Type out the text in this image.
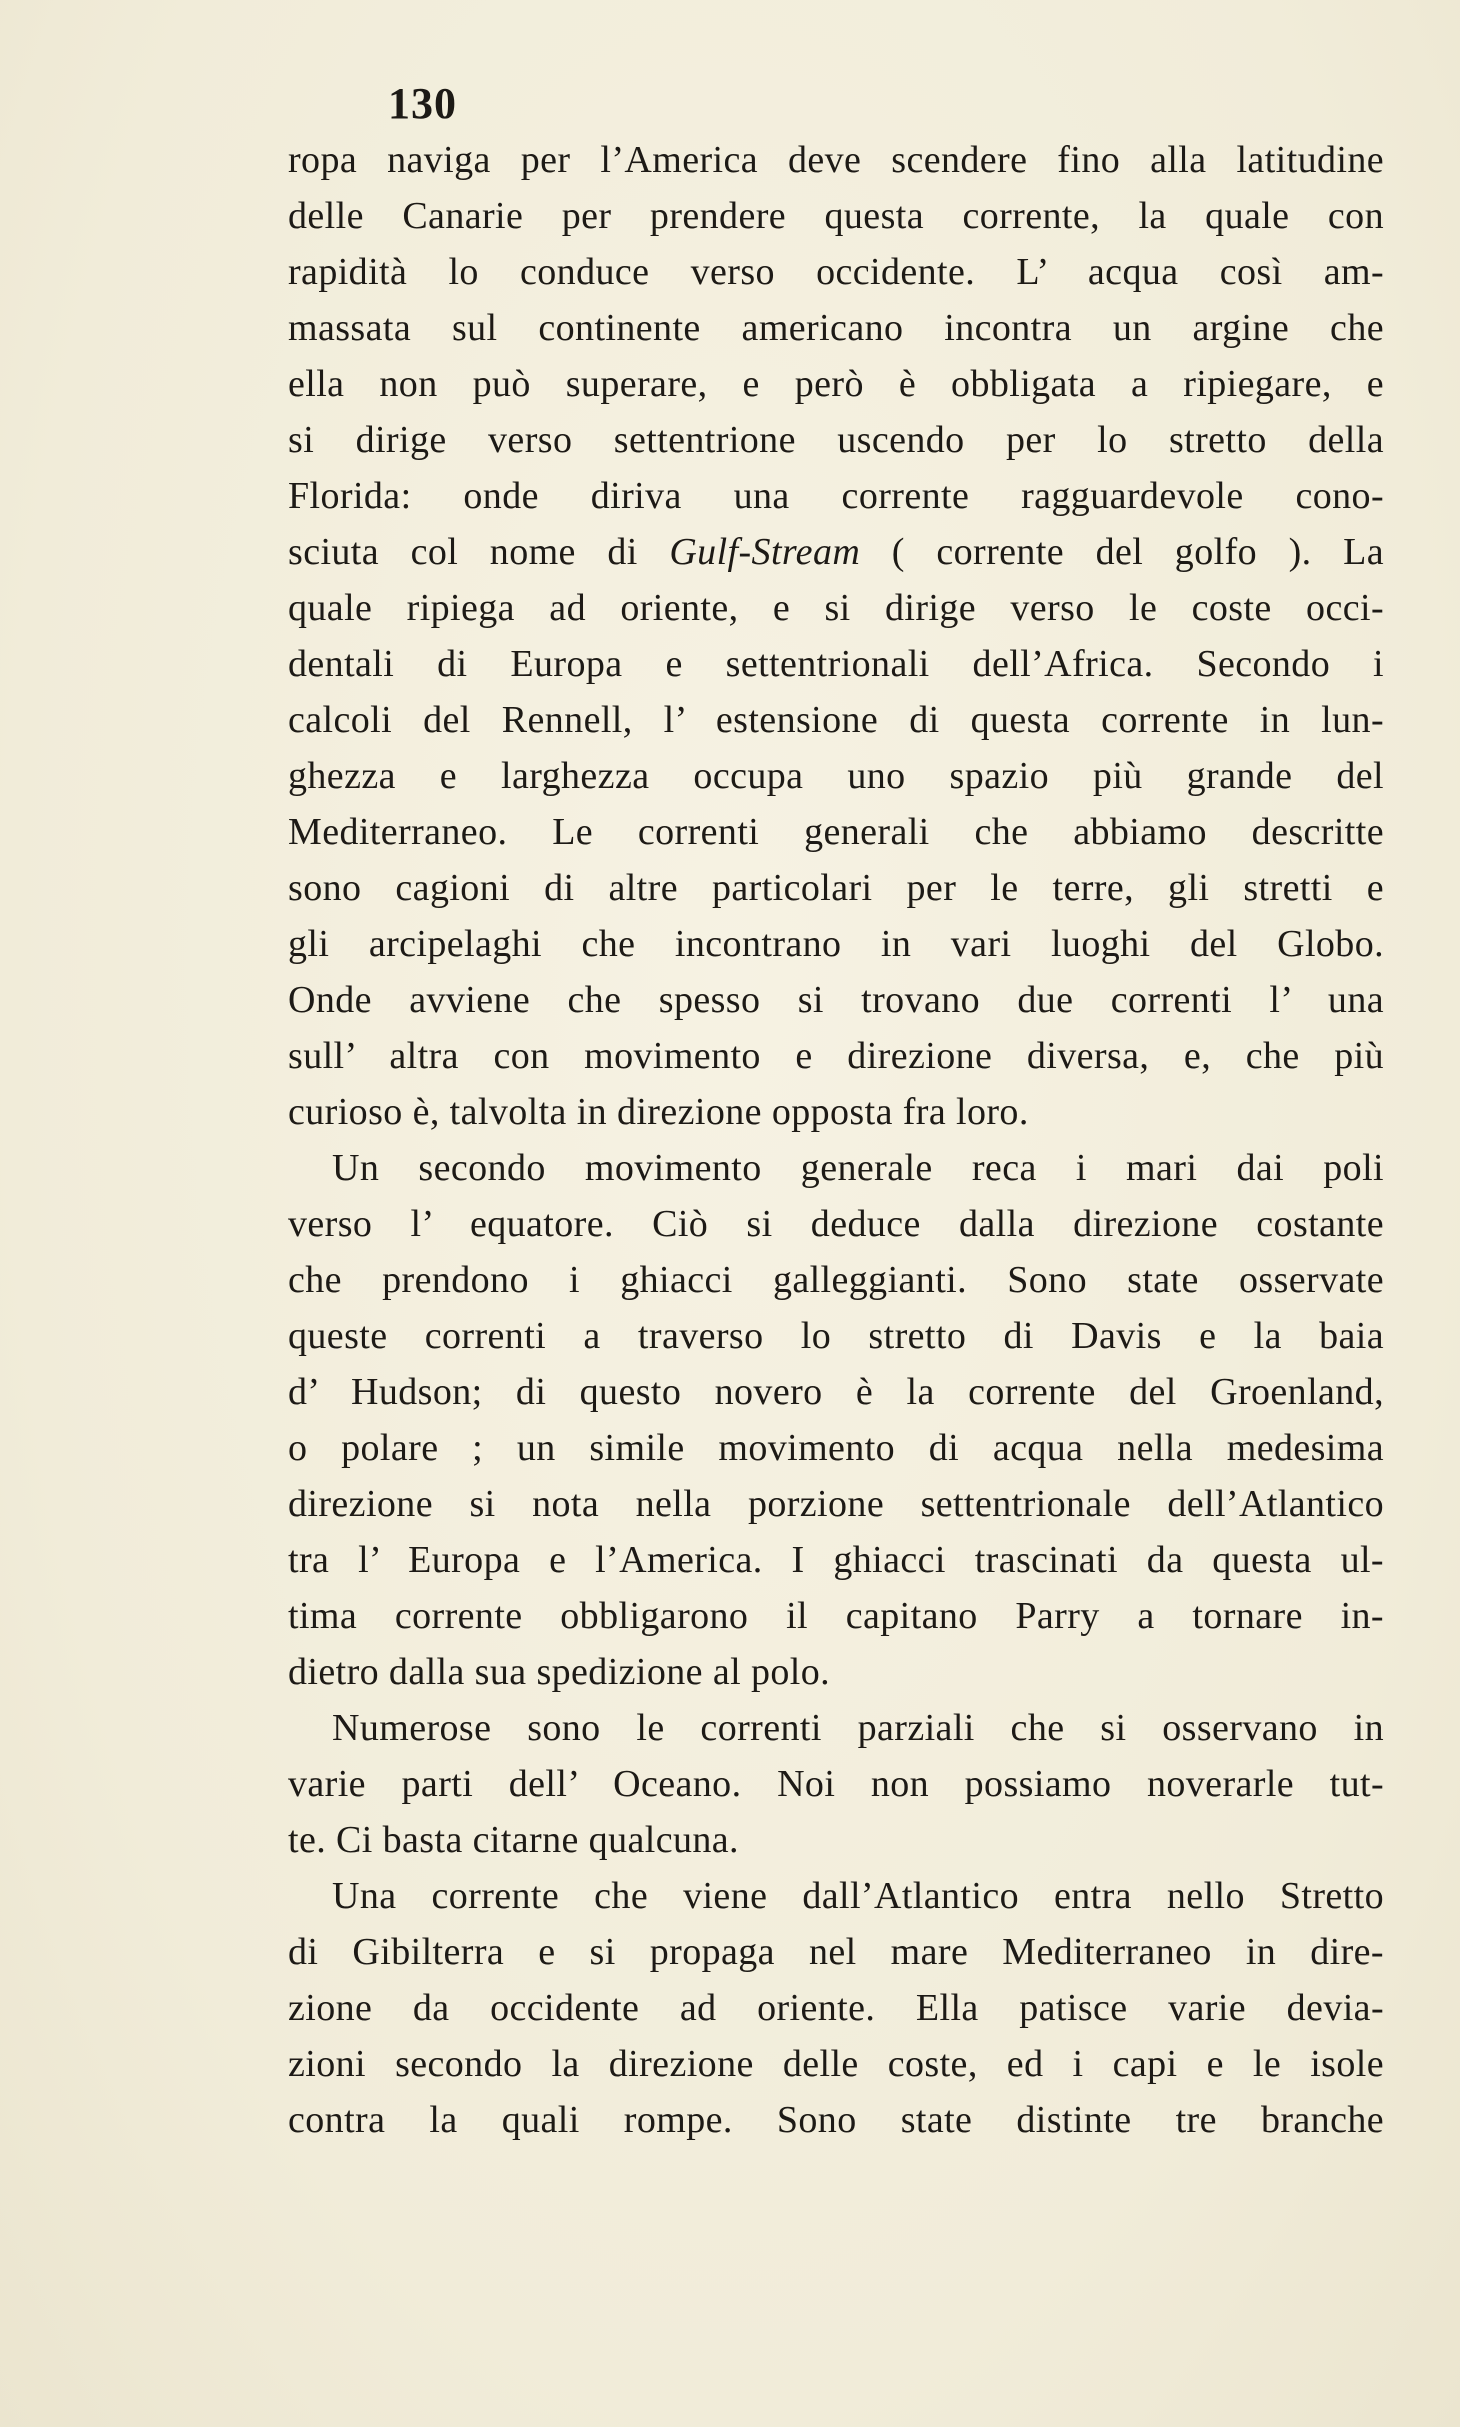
130
ropa naviga per l’America deve scendere fino alla latitudine
delle Canarie per prendere questa corrente, la quale con
rapidità lo conduce verso occidente. L’ acqua così am-
massata sul continente americano incontra un argine che
ella non può superare, e però è obbligata a ripiegare, e
si dirige verso settentrione uscendo per lo stretto della
Florida: onde diriva una corrente ragguardevole cono-
sciuta col nome di Gulf-Stream ( corrente del golfo ). La
quale ripiega ad oriente, e si dirige verso le coste occi-
dentali di Europa e settentrionali dell’Africa. Secondo i
calcoli del Rennell, l’ estensione di questa corrente in lun-
ghezza e larghezza occupa uno spazio più grande del
Mediterraneo. Le correnti generali che abbiamo descritte
sono cagioni di altre particolari per le terre, gli stretti e
gli arcipelaghi che incontrano in vari luoghi del Globo.
Onde avviene che spesso si trovano due correnti l’ una
sull’ altra con movimento e direzione diversa, e, che più
curioso è, talvolta in direzione opposta fra loro.
Un secondo movimento generale reca i mari dai poli
verso l’ equatore. Ciò si deduce dalla direzione costante
che prendono i ghiacci galleggianti. Sono state osservate
queste correnti a traverso lo stretto di Davis e la baia
d’ Hudson; di questo novero è la corrente del Groenland,
o polare ; un simile movimento di acqua nella medesima
direzione si nota nella porzione settentrionale dell’Atlantico
tra l’ Europa e l’America. I ghiacci trascinati da questa ul-
tima corrente obbligarono il capitano Parry a tornare in-
dietro dalla sua spedizione al polo.
Numerose sono le correnti parziali che si osservano in
varie parti dell’ Oceano. Noi non possiamo noverarle tut-
te. Ci basta citarne qualcuna.
Una corrente che viene dall’Atlantico entra nello Stretto
di Gibilterra e si propaga nel mare Mediterraneo in dire-
zione da occidente ad oriente. Ella patisce varie devia-
zioni secondo la direzione delle coste, ed i capi e le isole
contra la quali rompe. Sono state distinte tre branche
